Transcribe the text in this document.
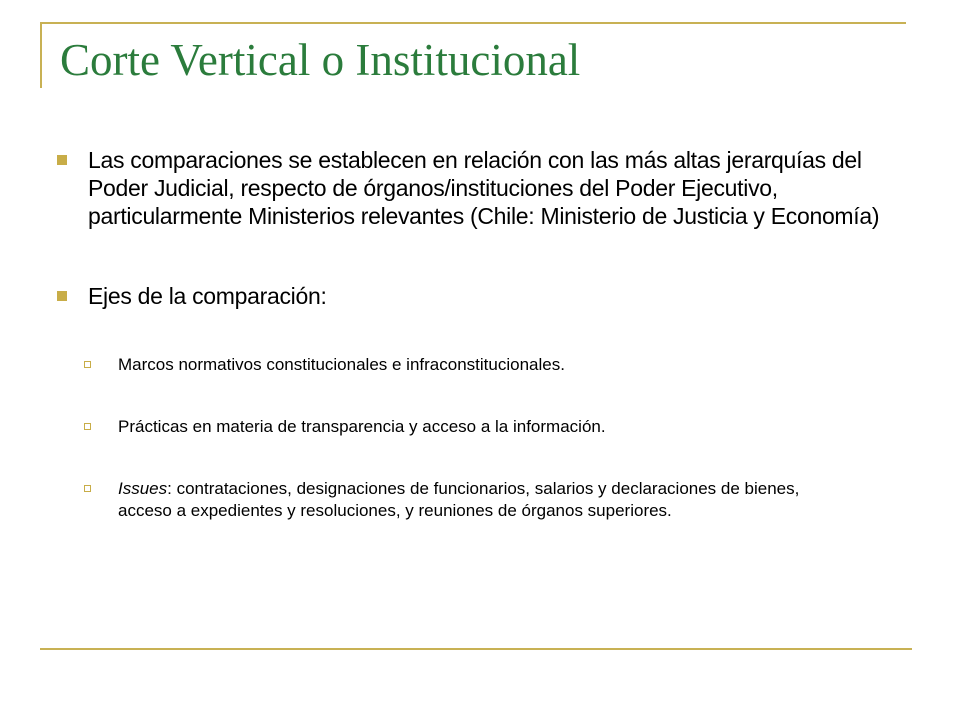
Corte Vertical o Institucional
Las comparaciones se establecen en relación con las más altas jerarquías del Poder Judicial, respecto de órganos/instituciones del Poder Ejecutivo, particularmente Ministerios relevantes (Chile: Ministerio de Justicia y Economía)
Ejes de la comparación:
Marcos normativos constitucionales e infraconstitucionales.
Prácticas en materia de transparencia y acceso a la información.
Issues: contrataciones, designaciones de funcionarios, salarios y declaraciones de bienes, acceso a expedientes y resoluciones, y reuniones de órganos superiores.
